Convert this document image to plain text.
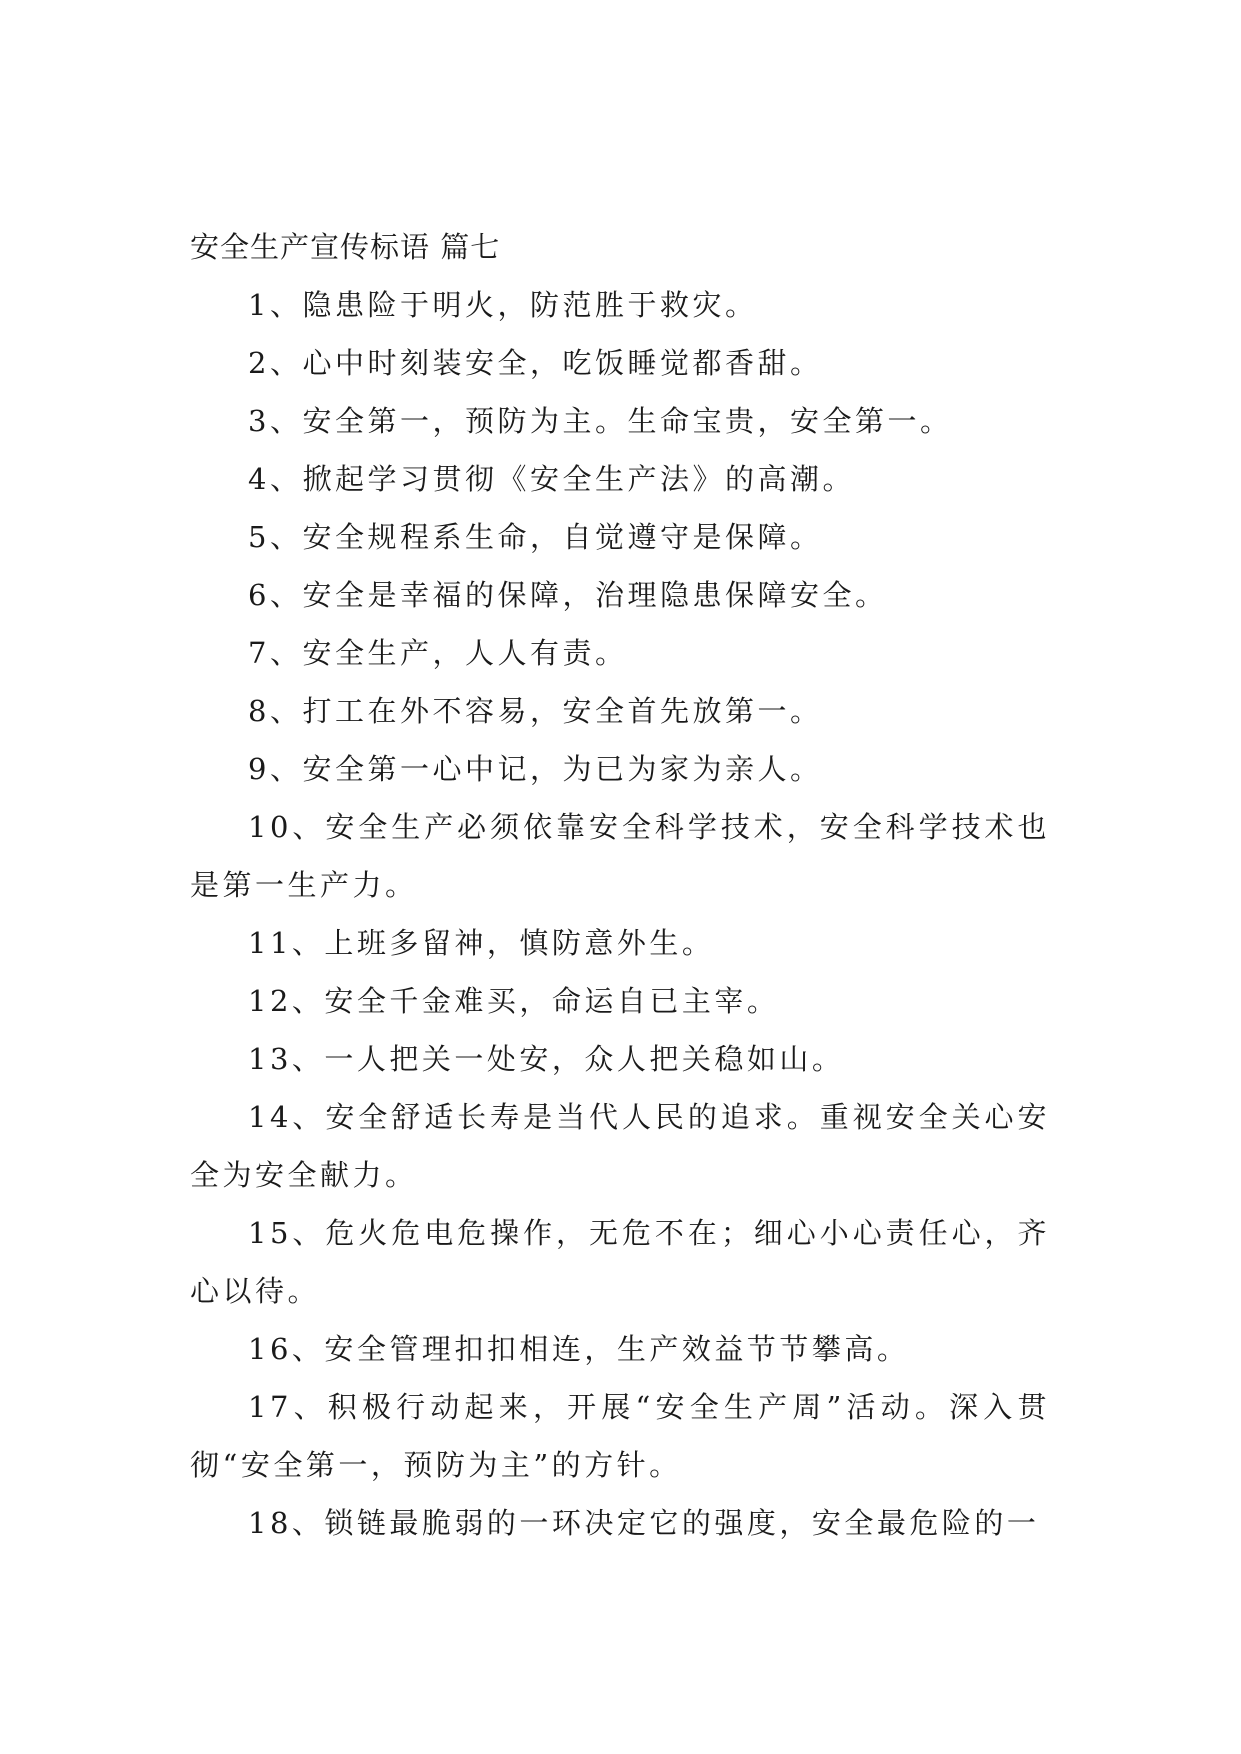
安全生产宣传标语 篇七

1、隐患险于明火，防范胜于救灾。

2、心中时刻装安全，吃饭睡觉都香甜。

3、安全第一，预防为主。生命宝贵，安全第一。

4、掀起学习贯彻《安全生产法》的高潮。

5、安全规程系生命，自觉遵守是保障。

6、安全是幸福的保障，治理隐患保障安全。

7、安全生产，人人有责。

8、打工在外不容易，安全首先放第一。

9、安全第一心中记，为已为家为亲人。

10、安全生产必须依靠安全科学技术，安全科学技术也是第一生产力。

11、上班多留神，慎防意外生。

12、安全千金难买，命运自已主宰。

13、一人把关一处安，众人把关稳如山。

14、安全舒适长寿是当代人民的追求。重视安全关心安全为安全献力。

15、危火危电危操作，无危不在；细心小心责任心，齐心以待。

16、安全管理扣扣相连，生产效益节节攀高。

17、积极行动起来，开展“安全生产周”活动。深入贯彻“安全第一，预防为主”的方针。

18、锁链最脆弱的一环决定它的强度，安全最危险的一
